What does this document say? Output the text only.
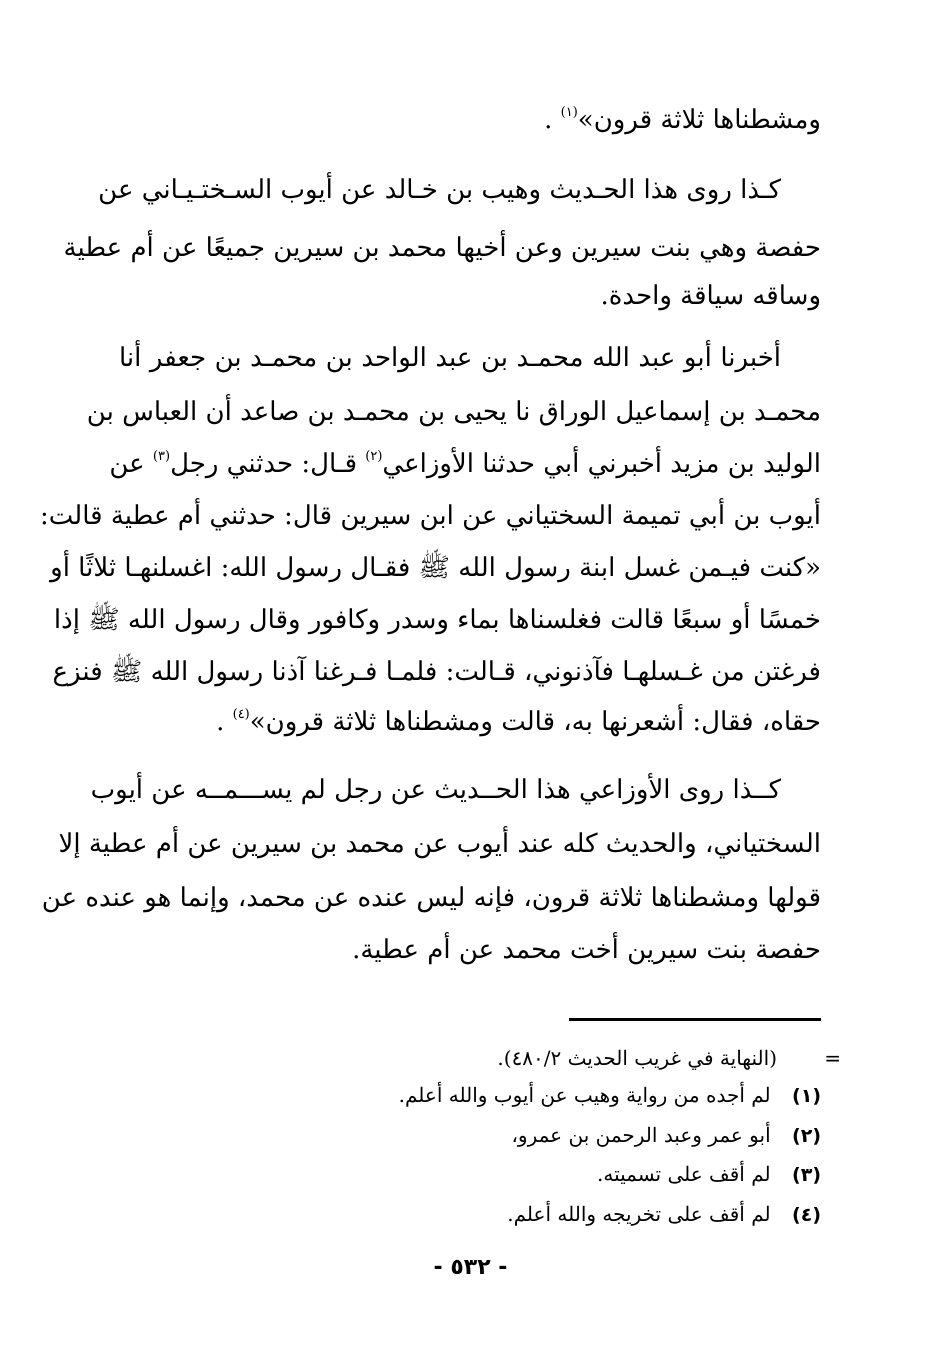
ومشطناها ثلاثة قرون»$^{(١)}$ .
كـذا روى هذا الحـديث وهيب بن خـالد عن أيوب السـختـيـاني عن
حفصة وهي بنت سيرين وعن أخيها محمد بن سيرين جميعًا عن أم عطية
وساقه سياقة واحدة.
أخبرنا أبو عبد الله محمـد بن عبد الواحد بن محمـد بن جعفر أنا
محمـد بن إسماعيل الوراق نا يحيى بن محمـد بن صاعد أن العباس بن
الوليد بن مزيد أخبرني أبي حدثنا الأوزاعي$^{(٢)}$ قـال: حدثني رجل$^{(٣)}$ عن
أيوب بن أبي تميمة السختياني عن ابن سيرين قال: حدثني أم عطية قالت:
«كنت فيـمن غسل ابنة رسول الله ﷺ فقـال رسول الله: اغسلنهـا ثلاثًا أو
خمسًا أو سبعًا قالت فغلسناها بماء وسدر وكافور وقال رسول الله ﷺ إذا
فرغتن من غـسلهـا فآذنوني، قـالت: فلمـا فـرغنا آذنا رسول الله ﷺ فنزع
حقاه، فقال: أشعرنها به، قالت ومشطناها ثلاثة قرون»$^{(٤)}$ .
كــذا روى الأوزاعي هذا الحــديث عن رجل لم يســـمــه عن أيوب
السختياني، والحديث كله عند أيوب عن محمد بن سيرين عن أم عطية إلا
قولها ومشطناها ثلاثة قرون، فإنه ليس عنده عن محمد، وإنما هو عنده عن
حفصة بنت سيرين أخت محمد عن أم عطية.
=
(النهاية في غريب الحديث ٤٨٠/٢).
(١) لم أجده من رواية وهيب عن أيوب والله أعلم.
(٢) أبو عمر وعبد الرحمن بن عمرو،
(٣) لم أقف على تسميته.
(٤) لم أقف على تخريجه والله أعلم.
- ٥٣٢ -
